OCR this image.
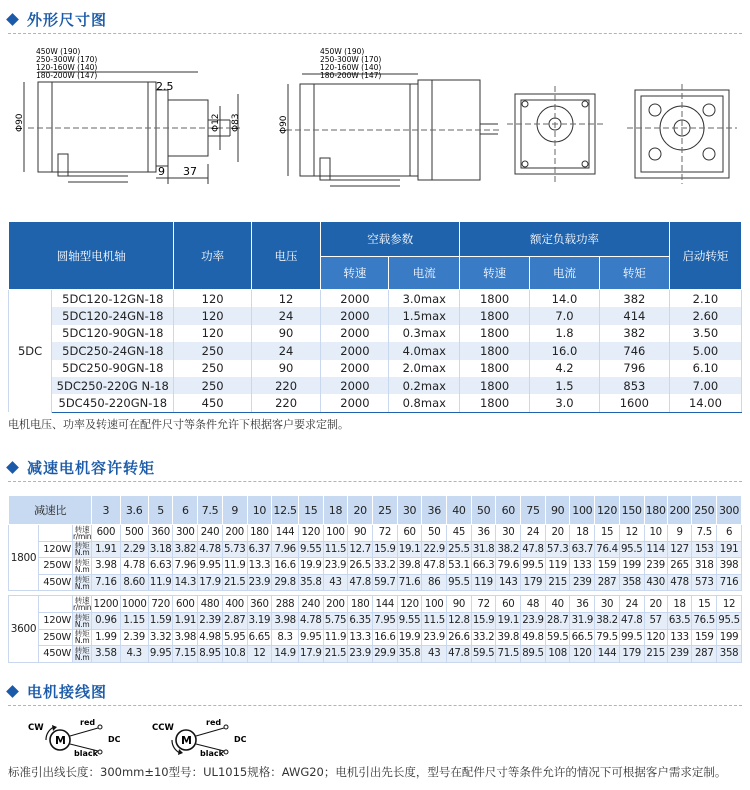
外形尺寸图
450W (190)
250-300W (170)
120-160W (140)
180-200W (147)
2.5
Φ90	Φ12 Φ83
9 37
450W (190)
250-300W (170)
120-160W (140)
180-200W (147)
Φ90
圆轴型电机轴		功率	电压	空载参数		额定负载功率			启动转矩
				转速	电流	转速	电流	转矩	
5DC	5DC120-12GN-18	120	12	2000	3.0max	1800	14.0	382	2.10
	5DC120-24GN-18	120	24	2000	1.5max	1800	7.0	414	2.60
	5DC120-90GN-18	120	90	2000	0.3max	1800	1.8	382	3.50
	5DC250-24GN-18	250	24	2000	4.0max	1800	16.0	746	5.00
	5DC250-90GN-18	250	90	2000	2.0max	1800	4.2	796	6.10
	5DC250-220G N-18	250	220	2000	0.2max	1800	1.5	853	7.00
	5DC450-220GN-18	450	220	2000	0.8max	1800	3.0	1600	14.00
电机电压、功率及转速可在配件尺寸等条件允许下根据客户要求定制。
减速电机容许转矩
减速比			3	3.6	5	6	7.5	9	10	12.5	15	18	20	25	30	36	40	50	60	75	90	100	120	150	180	200	250	300
1800		转速
r/min	600	500	360	300	240	200	180	144	120	100	90	72	60	50	45	36	30	24	20	18	15	12	10	9	7.5	6
	120W	转矩
N.m	1.91	2.29	3.18	3.82	4.78	5.73	6.37	7.96	9.55	11.5	12.7	15.9	19.1	22.9	25.5	31.8	38.2	47.8	57.3	63.7	76.4	95.5	114	127	153	191
	250W	转矩
N.m	3.98	4.78	6.63	7.96	9.95	11.9	13.3	16.6	19.9	23.9	26.5	33.2	39.8	47.8	53.1	66.3	79.6	99.5	119	133	159	199	239	265	318	398
	450W	转矩
N.m	7.16	8.60	11.9	14.3	17.9	21.5	23.9	29.8	35.8	43	47.8	59.7	71.6	86	95.5	119	143	179	215	239	287	358	430	478	573	716

3600		转速
r/min	1200	1000	720	600	480	400	360	288	240	200	180	144	120	100	90	72	60	48	40	36	30	24	20	18	15	12
	120W	转矩
N.m	0.96	1.15	1.59	1.91	2.39	2.87	3.19	3.98	4.78	5.75	6.35	7.95	9.55	11.5	12.8	15.9	19.1	23.9	28.7	31.9	38.2	47.8	57	63.5	76.5	95.5
	250W	转矩
N.m	1.99	2.39	3.32	3.98	4.98	5.95	6.65	8.3	9.95	11.9	13.3	16.6	19.9	23.9	26.6	33.2	39.8	49.8	59.5	66.5	79.5	99.5	120	133	159	199
	450W	转矩
N.m	3.58	4.3	9.95	7.15	8.95	10.8	12	14.9	17.9	21.5	23.9	29.9	35.8	43	47.8	59.5	71.5	89.5	108	120	144	179	215	239	287	358
电机接线图
CW
M
red
black
DC
CCW
M
red
black
DC
标准引出线长度：300mm±10型号：UL1015规格：AWG20；电机引出先长度，型号在配件尺寸等条件允许的情况下可根据客户需求定制。
